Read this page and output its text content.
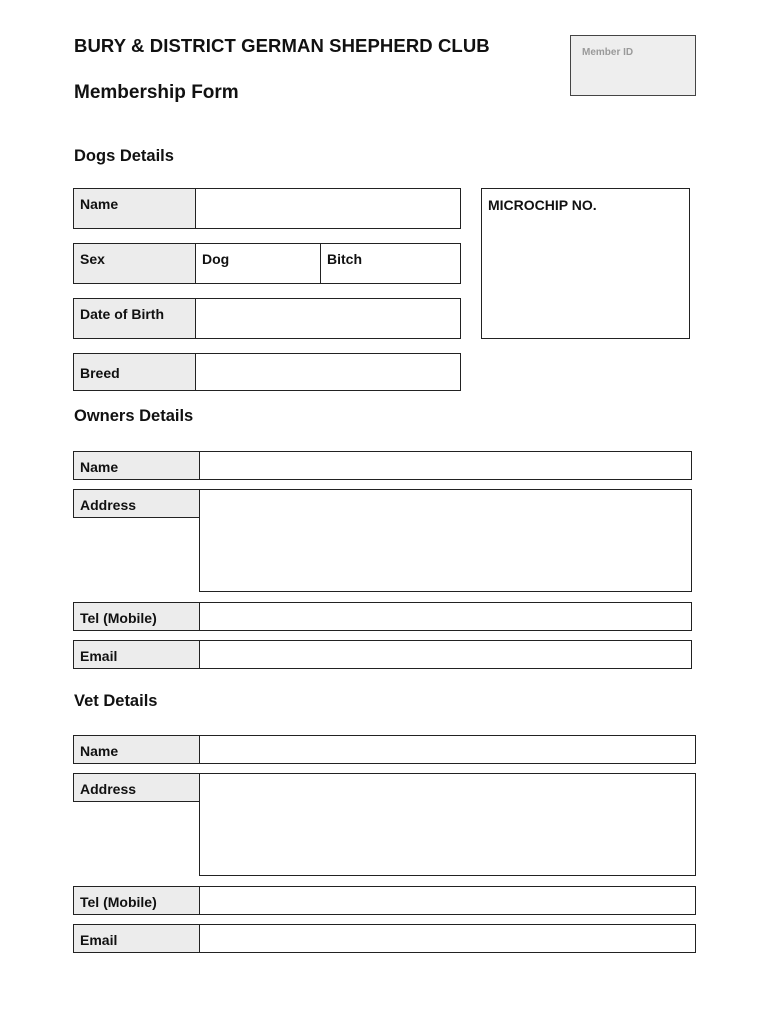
BURY & DISTRICT GERMAN SHEPHERD CLUB
Membership Form
Member ID
Dogs Details
Name
Sex	Dog	Bitch
Date of Birth
Breed
MICROCHIP NO.
Owners Details
Name
Address
Tel (Mobile)
Email
Vet Details
Name
Address
Tel (Mobile)
Email
